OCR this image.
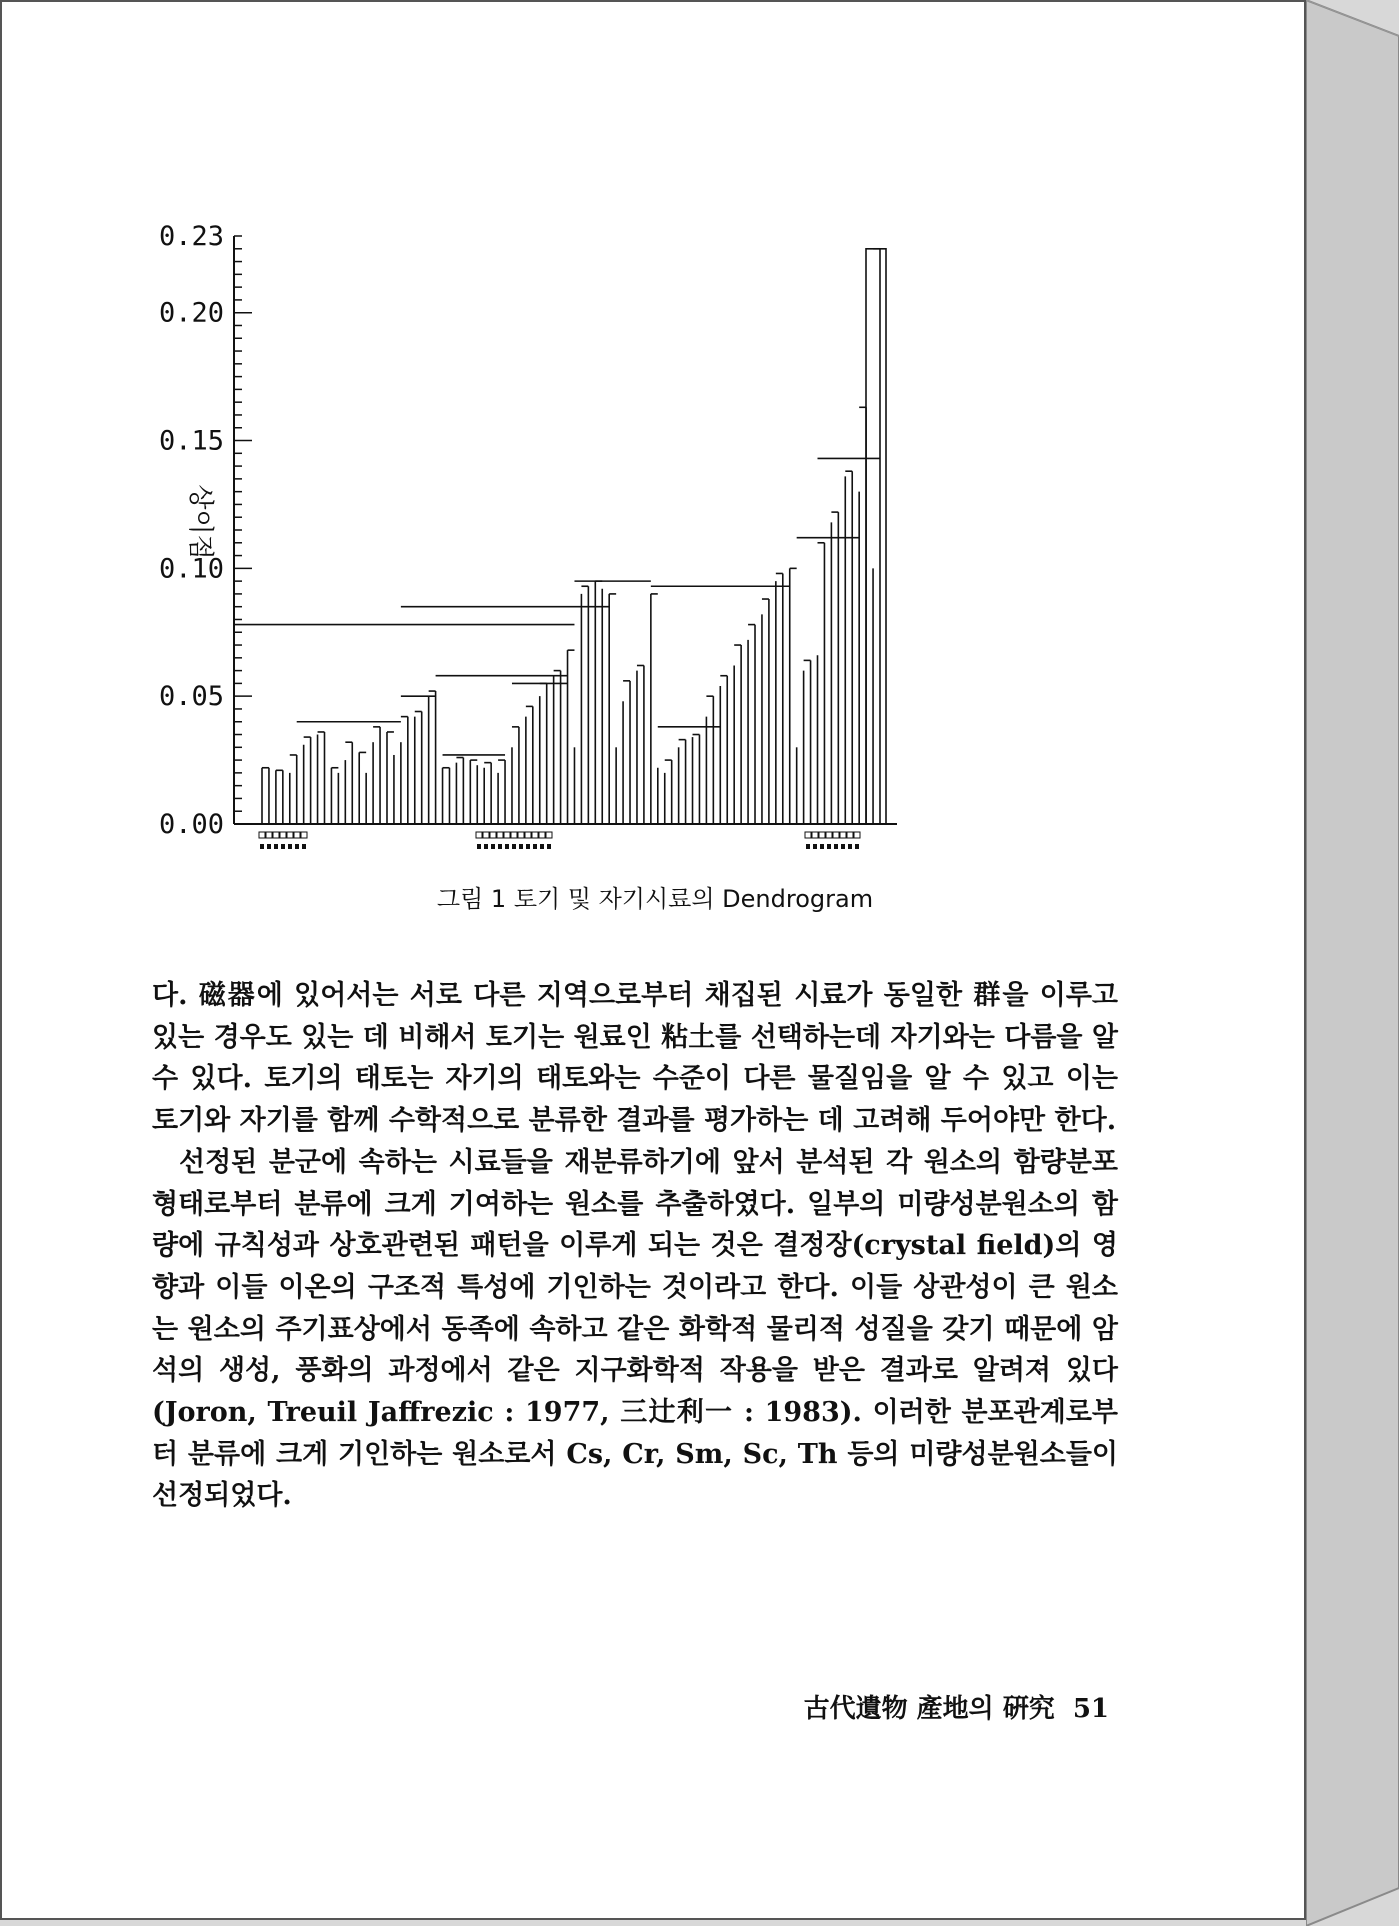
0.00
0.05
0.10
0.15
0.20
0.23
상이점
그림 1 토기 및 자기시료의 Dendrogram

다. 磁器에 있어서는 서로 다른 지역으로부터 채집된 시료가 동일한 群을 이루고 있는 경우도 있는 데 비해서 토기는 원료인 粘土를 선택하는데 자기와는 다름을 알 수 있다. 토기의 태토는 자기의 태토와는 수준이 다른 물질임을 알 수 있고 이는 토기와 자기를 함께 수학적으로 분류한 결과를 평가하는 데 고려해 두어야만 한다.

선정된 분군에 속하는 시료들을 재분류하기에 앞서 분석된 각 원소의 함량분포형태로부터 분류에 크게 기여하는 원소를 추출하였다. 일부의 미량성분원소의 함량에 규칙성과 상호관련된 패턴을 이루게 되는 것은 결정장(crystal field)의 영향과 이들 이온의 구조적 특성에 기인하는 것이라고 한다. 이들 상관성이 큰 원소는 원소의 주기표상에서 동족에 속하고 같은 화학적 물리적 성질을 갖기 때문에 암석의 생성, 풍화의 과정에서 같은 지구화학적 작용을 받은 결과로 알려져 있다(Joron, Treuil Jaffrezic : 1977, 三辻利一 : 1983). 이러한 분포관계로부터 분류에 크게 기인하는 원소로서 Cs, Cr, Sm, Sc, Th 등의 미량성분원소들이 선정되었다.

古代遺物 產地의 硏究 51
